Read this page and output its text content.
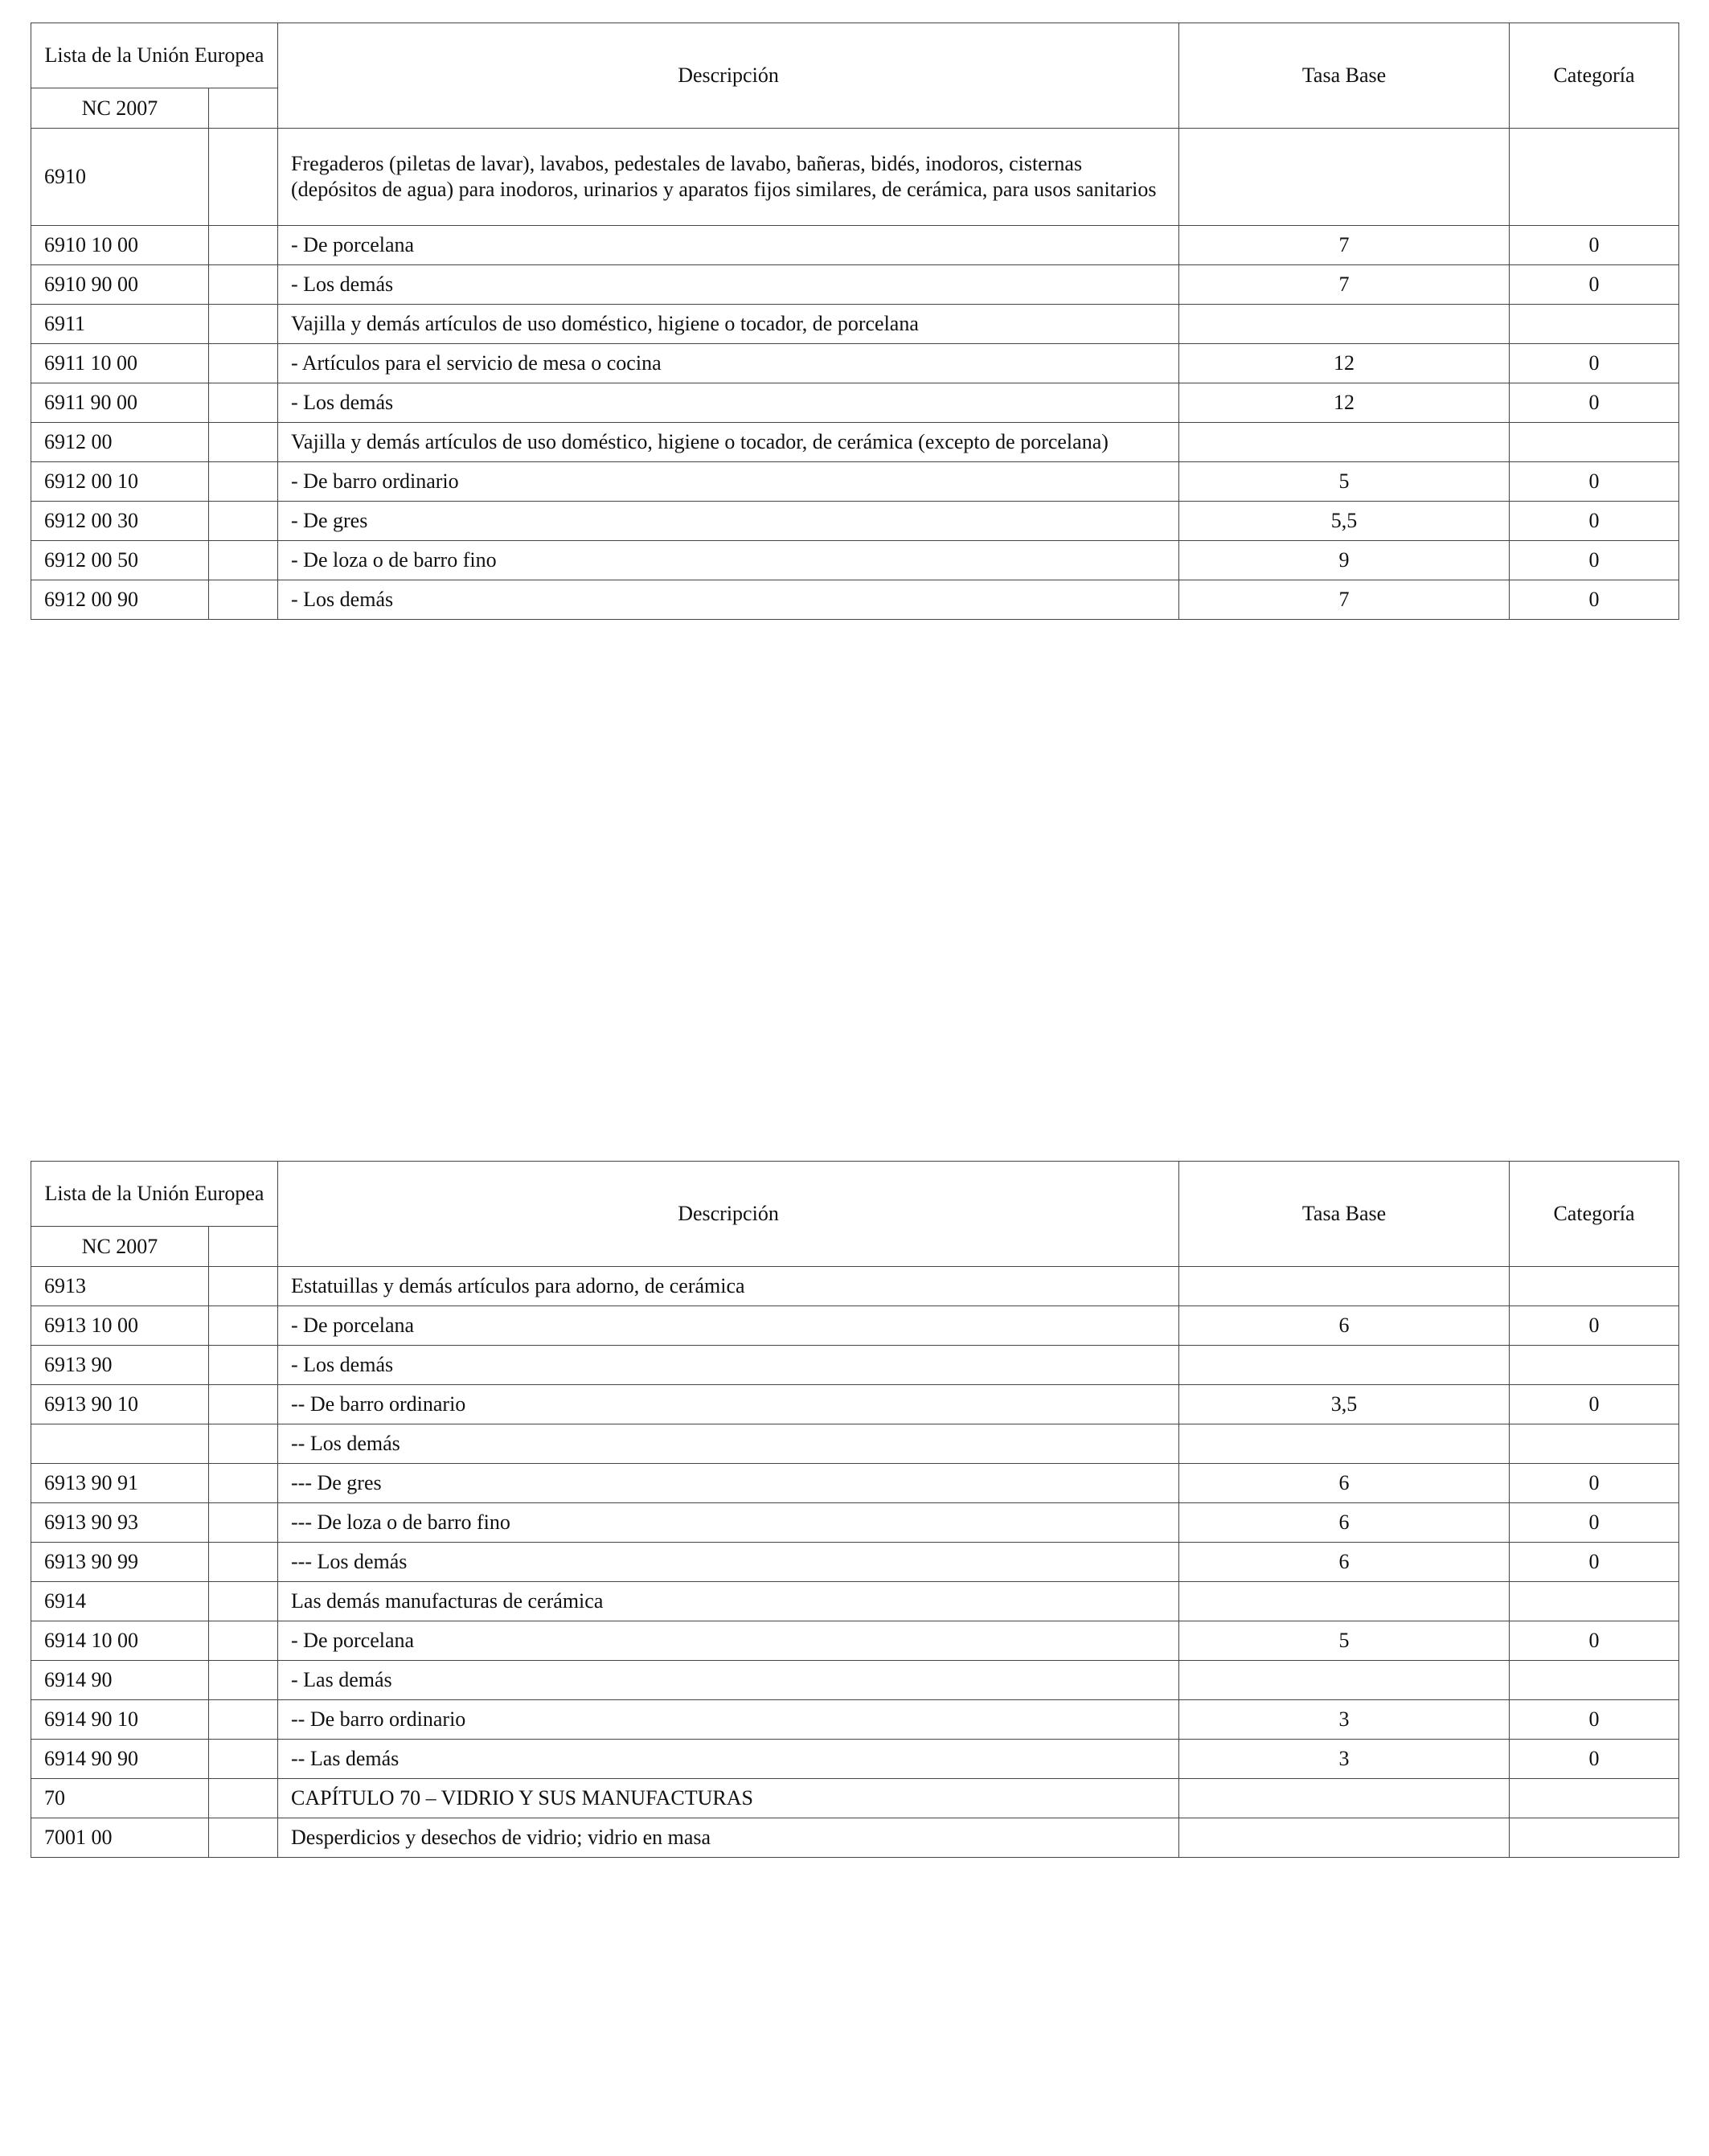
Lista de la Unión Europea		Descripción	Tasa Base	Categoría
NC 2007				
6910		Fregaderos (piletas de lavar), lavabos, pedestales de lavabo, bañeras, bidés, inodoros, cisternas (depósitos de agua) para inodoros, urinarios y aparatos fijos similares, de cerámica, para usos sanitarios		
6910 10 00		- De porcelana	7	0
6910 90 00		- Los demás	7	0
6911		Vajilla y demás artículos de uso doméstico, higiene o tocador, de porcelana		
6911 10 00		- Artículos para el servicio de mesa o cocina	12	0
6911 90 00		- Los demás	12	0
6912 00		Vajilla y demás artículos de uso doméstico, higiene o tocador, de cerámica (excepto de porcelana)		
6912 00 10		- De barro ordinario	5	0
6912 00 30		- De gres	5,5	0
6912 00 50		- De loza o de barro fino	9	0
6912 00 90		- Los demás	7	0
Lista de la Unión Europea		Descripción	Tasa Base	Categoría
NC 2007				
6913		Estatuillas y demás artículos para adorno, de cerámica		
6913 10 00		- De porcelana	6	0
6913 90		- Los demás		
6913 90 10		-- De barro ordinario	3,5	0
		-- Los demás		
6913 90 91		--- De gres	6	0
6913 90 93		--- De loza o de barro fino	6	0
6913 90 99		--- Los demás	6	0
6914		Las demás manufacturas de cerámica		
6914 10 00		- De porcelana	5	0
6914 90		- Las demás		
6914 90 10		-- De barro ordinario	3	0
6914 90 90		-- Las demás	3	0
70		CAPÍTULO 70 – VIDRIO Y SUS MANUFACTURAS		
7001 00		Desperdicios y desechos de vidrio; vidrio en masa		
